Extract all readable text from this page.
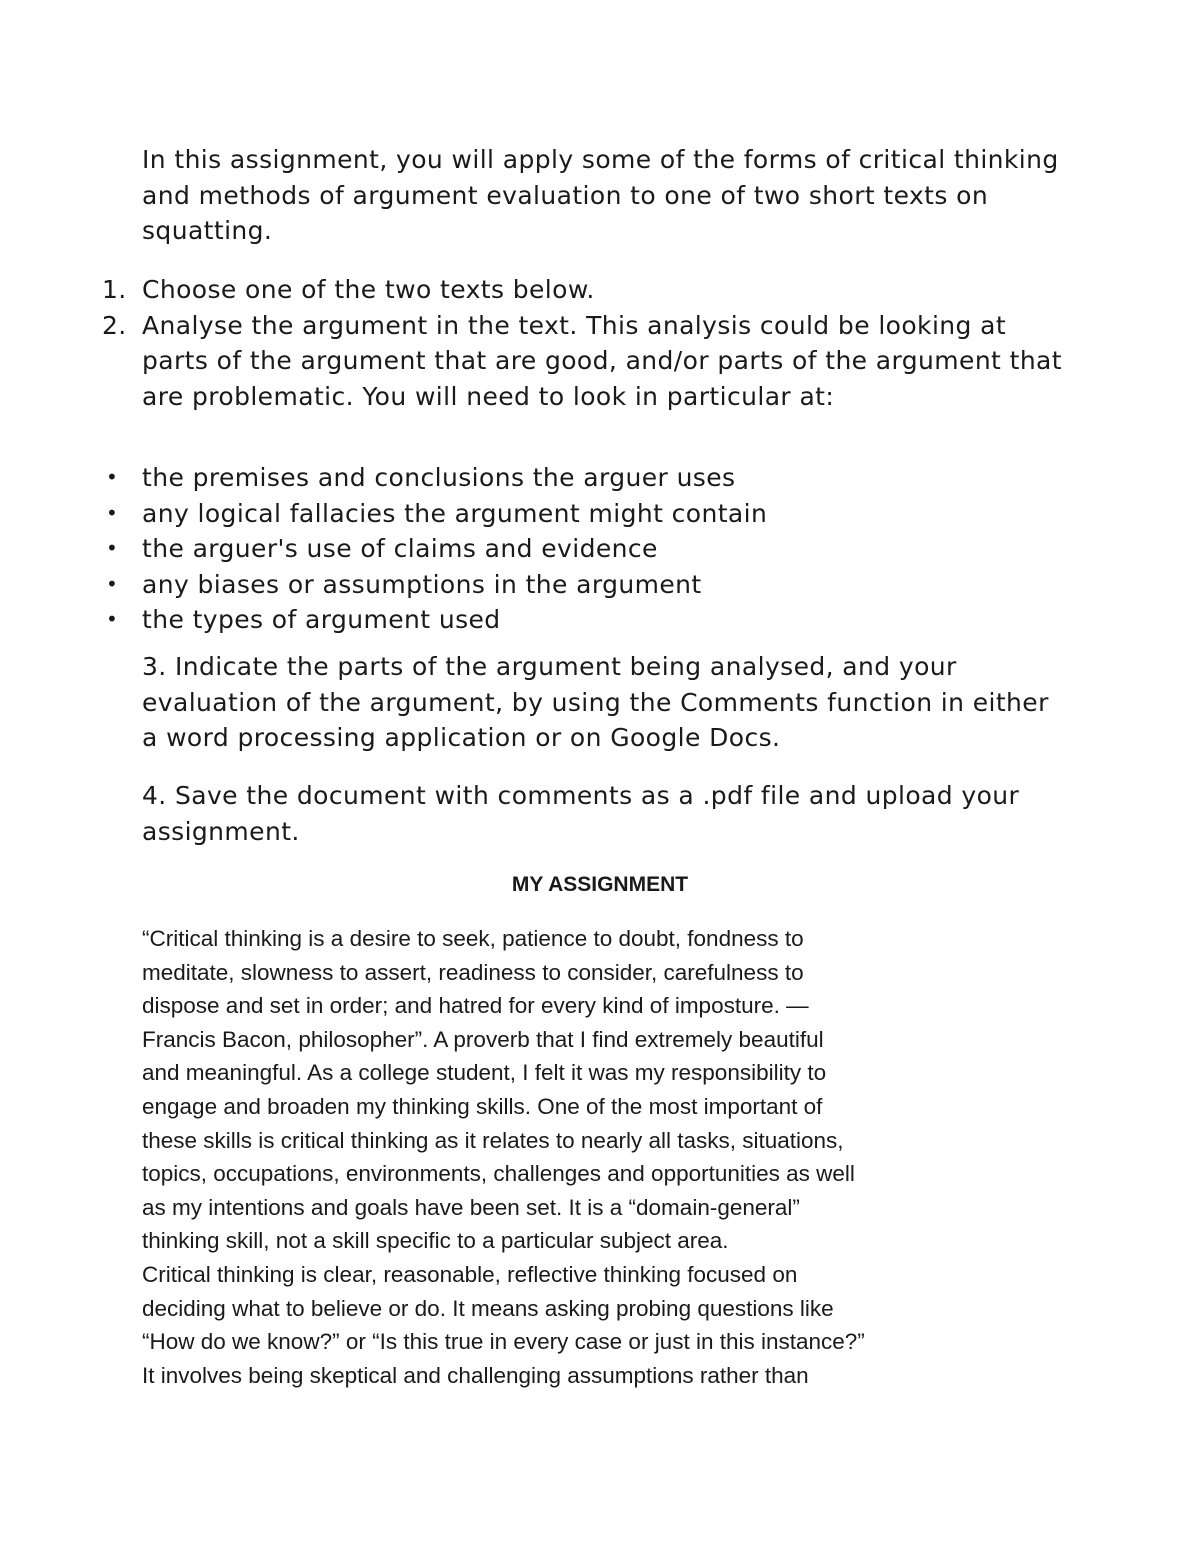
In this assignment, you will apply some of the forms of critical thinking and methods of argument evaluation to one of two short texts on squatting.

1. Choose one of the two texts below.
2. Analyse the argument in the text. This analysis could be looking at parts of the argument that are good, and/or parts of the argument that are problematic. You will need to look in particular at:
• the premises and conclusions the arguer uses
• any logical fallacies the argument might contain
• the arguer's use of claims and evidence
• any biases or assumptions in the argument
• the types of argument used

3. Indicate the parts of the argument being analysed, and your evaluation of the argument, by using the Comments function in either a word processing application or on Google Docs.

4. Save the document with comments as a .pdf file and upload your assignment.

MY ASSIGNMENT

“Critical thinking is a desire to seek, patience to doubt, fondness to
meditate, slowness to assert, readiness to consider, carefulness to
dispose and set in order; and hatred for every kind of imposture. —
Francis Bacon, philosopher”. A proverb that I find extremely beautiful
and meaningful. As a college student, I felt it was my responsibility to
engage and broaden my thinking skills. One of the most important of
these skills is critical thinking as it relates to nearly all tasks, situations,
topics, occupations, environments, challenges and opportunities as well
as my intentions and goals have been set. It is a “domain-general”
thinking skill, not a skill specific to a particular subject area.
Critical thinking is clear, reasonable, reflective thinking focused on
deciding what to believe or do. It means asking probing questions like
“How do we know?” or “Is this true in every case or just in this instance?”
It involves being skeptical and challenging assumptions rather than
